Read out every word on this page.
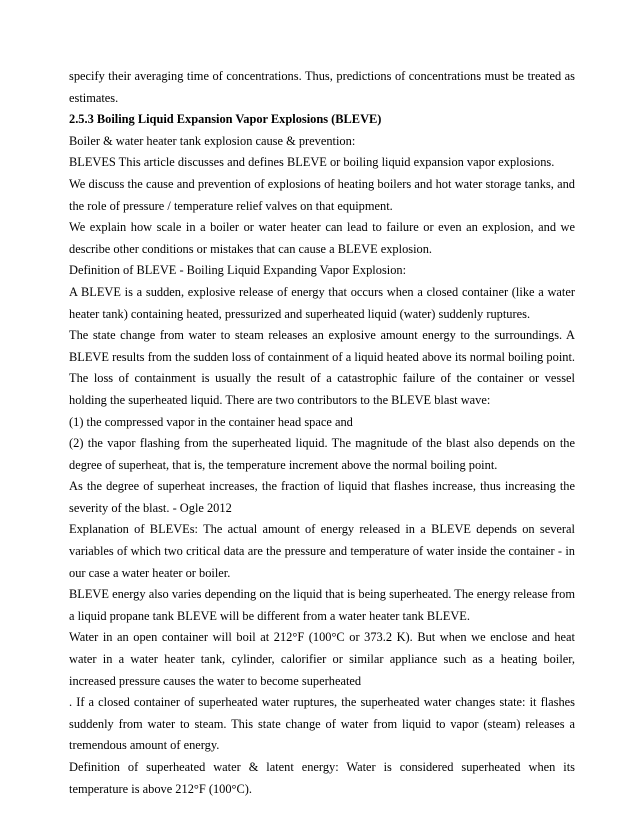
specify their averaging time of concentrations. Thus, predictions of concentrations must be treated as estimates.

2.5.3 Boiling Liquid Expansion Vapor Explosions (BLEVE)

Boiler & water heater tank explosion cause & prevention:

BLEVES This article discusses and defines BLEVE or boiling liquid expansion vapor explosions.

We discuss the cause and prevention of explosions of heating boilers and hot water storage tanks, and the role of pressure / temperature relief valves on that equipment.

We explain how scale in a boiler or water heater can lead to failure or even an explosion, and we describe other conditions or mistakes that can cause a BLEVE explosion.

Definition of BLEVE - Boiling Liquid Expanding Vapor Explosion:

A BLEVE is a sudden, explosive release of energy that occurs when a closed container (like a water heater tank) containing heated, pressurized and superheated liquid (water) suddenly ruptures.

The state change from water to steam releases an explosive amount energy to the surroundings. A BLEVE results from the sudden loss of containment of a liquid heated above its normal boiling point. The loss of containment is usually the result of a catastrophic failure of the container or vessel holding the superheated liquid. There are two contributors to the BLEVE blast wave:

(1) the compressed vapor in the container head space and

(2) the vapor flashing from the superheated liquid. The magnitude of the blast also depends on the degree of superheat, that is, the temperature increment above the normal boiling point.

As the degree of superheat increases, the fraction of liquid that flashes increase, thus increasing the severity of the blast. - Ogle 2012

Explanation of BLEVEs: The actual amount of energy released in a BLEVE depends on several variables of which two critical data are the pressure and temperature of water inside the container - in our case a water heater or boiler.

BLEVE energy also varies depending on the liquid that is being superheated. The energy release from a liquid propane tank BLEVE will be different from a water heater tank BLEVE.

Water in an open container will boil at 212°F (100°C or 373.2 K). But when we enclose and heat water in a water heater tank, cylinder, calorifier or similar appliance such as a heating boiler, increased pressure causes the water to become superheated

. If a closed container of superheated water ruptures, the superheated water changes state: it flashes suddenly from water to steam. This state change of water from liquid to vapor (steam) releases a tremendous amount of energy.

Definition of superheated water & latent energy: Water is considered superheated when its temperature is above 212°F (100°C).
